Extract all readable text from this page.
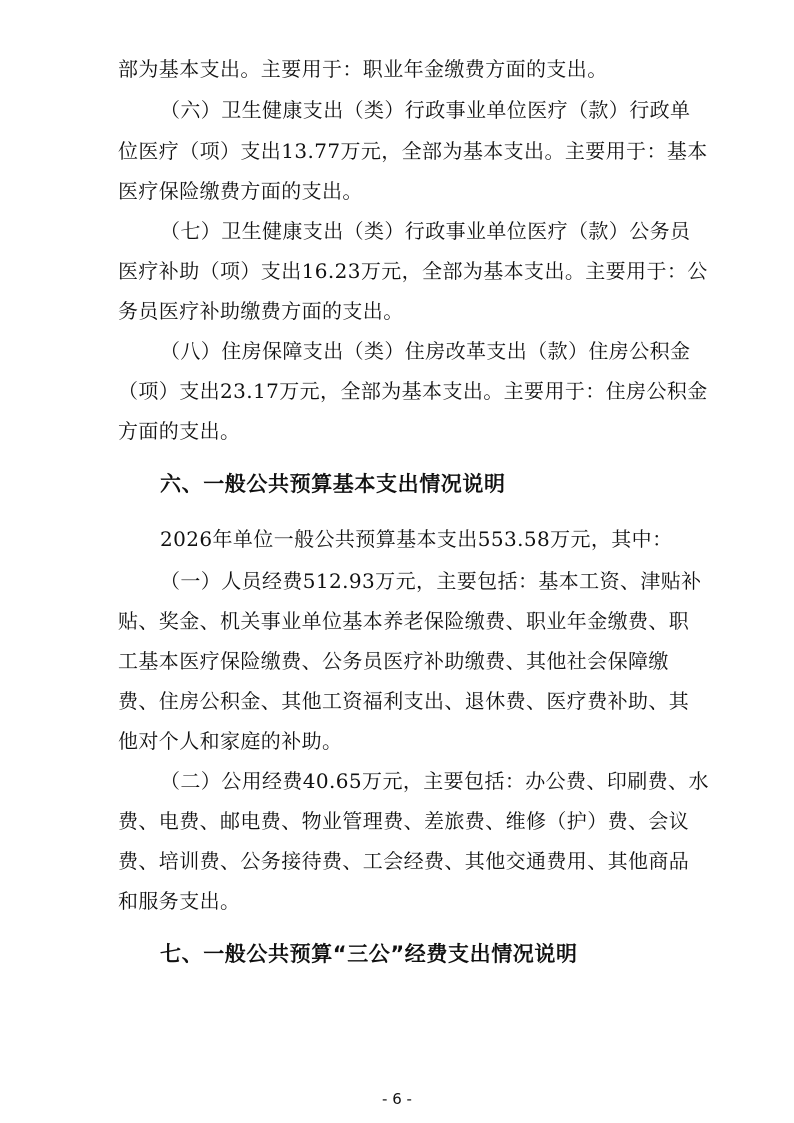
部为基本支出。主要用于：职业年金缴费方面的支出。
（六）卫生健康支出（类）行政事业单位医疗（款）行政单
位医疗（项）支出13.77万元，全部为基本支出。主要用于：基本
医疗保险缴费方面的支出。
（七）卫生健康支出（类）行政事业单位医疗（款）公务员
医疗补助（项）支出16.23万元，全部为基本支出。主要用于：公
务员医疗补助缴费方面的支出。
（八）住房保障支出（类）住房改革支出（款）住房公积金
（项）支出23.17万元，全部为基本支出。主要用于：住房公积金
方面的支出。
六、一般公共预算基本支出情况说明
2026年单位一般公共预算基本支出553.58万元，其中：
（一）人员经费512.93万元，主要包括：基本工资、津贴补
贴、奖金、机关事业单位基本养老保险缴费、职业年金缴费、职
工基本医疗保险缴费、公务员医疗补助缴费、其他社会保障缴
费、住房公积金、其他工资福利支出、退休费、医疗费补助、其
他对个人和家庭的补助。
（二）公用经费40.65万元，主要包括：办公费、印刷费、水
费、电费、邮电费、物业管理费、差旅费、维修（护）费、会议
费、培训费、公务接待费、工会经费、其他交通费用、其他商品
和服务支出。
七、一般公共预算“三公”经费支出情况说明
- 6 -
